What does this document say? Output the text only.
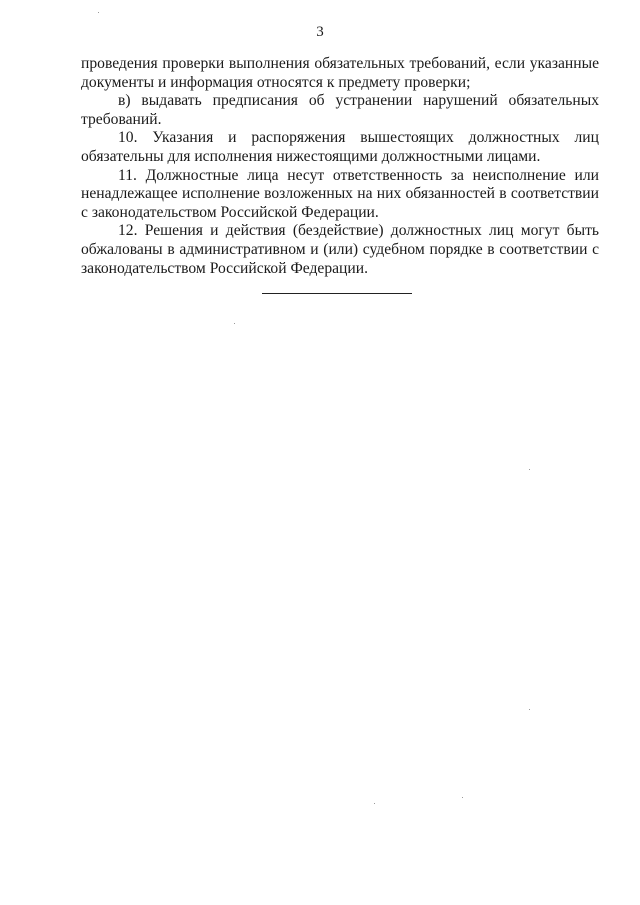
3

проведения проверки выполнения обязательных требований, если указанные документы и информация относятся к предмету проверки;

в) выдавать предписания об устранении нарушений обязательных требований.

10. Указания и распоряжения вышестоящих должностных лиц обязательны для исполнения нижестоящими должностными лицами.

11. Должностные лица несут ответственность за неисполнение или ненадлежащее исполнение возложенных на них обязанностей в соответствии с законодательством Российской Федерации.

12. Решения и действия (бездействие) должностных лиц могут быть обжалованы в административном и (или) судебном порядке в соответствии с законодательством Российской Федерации.
